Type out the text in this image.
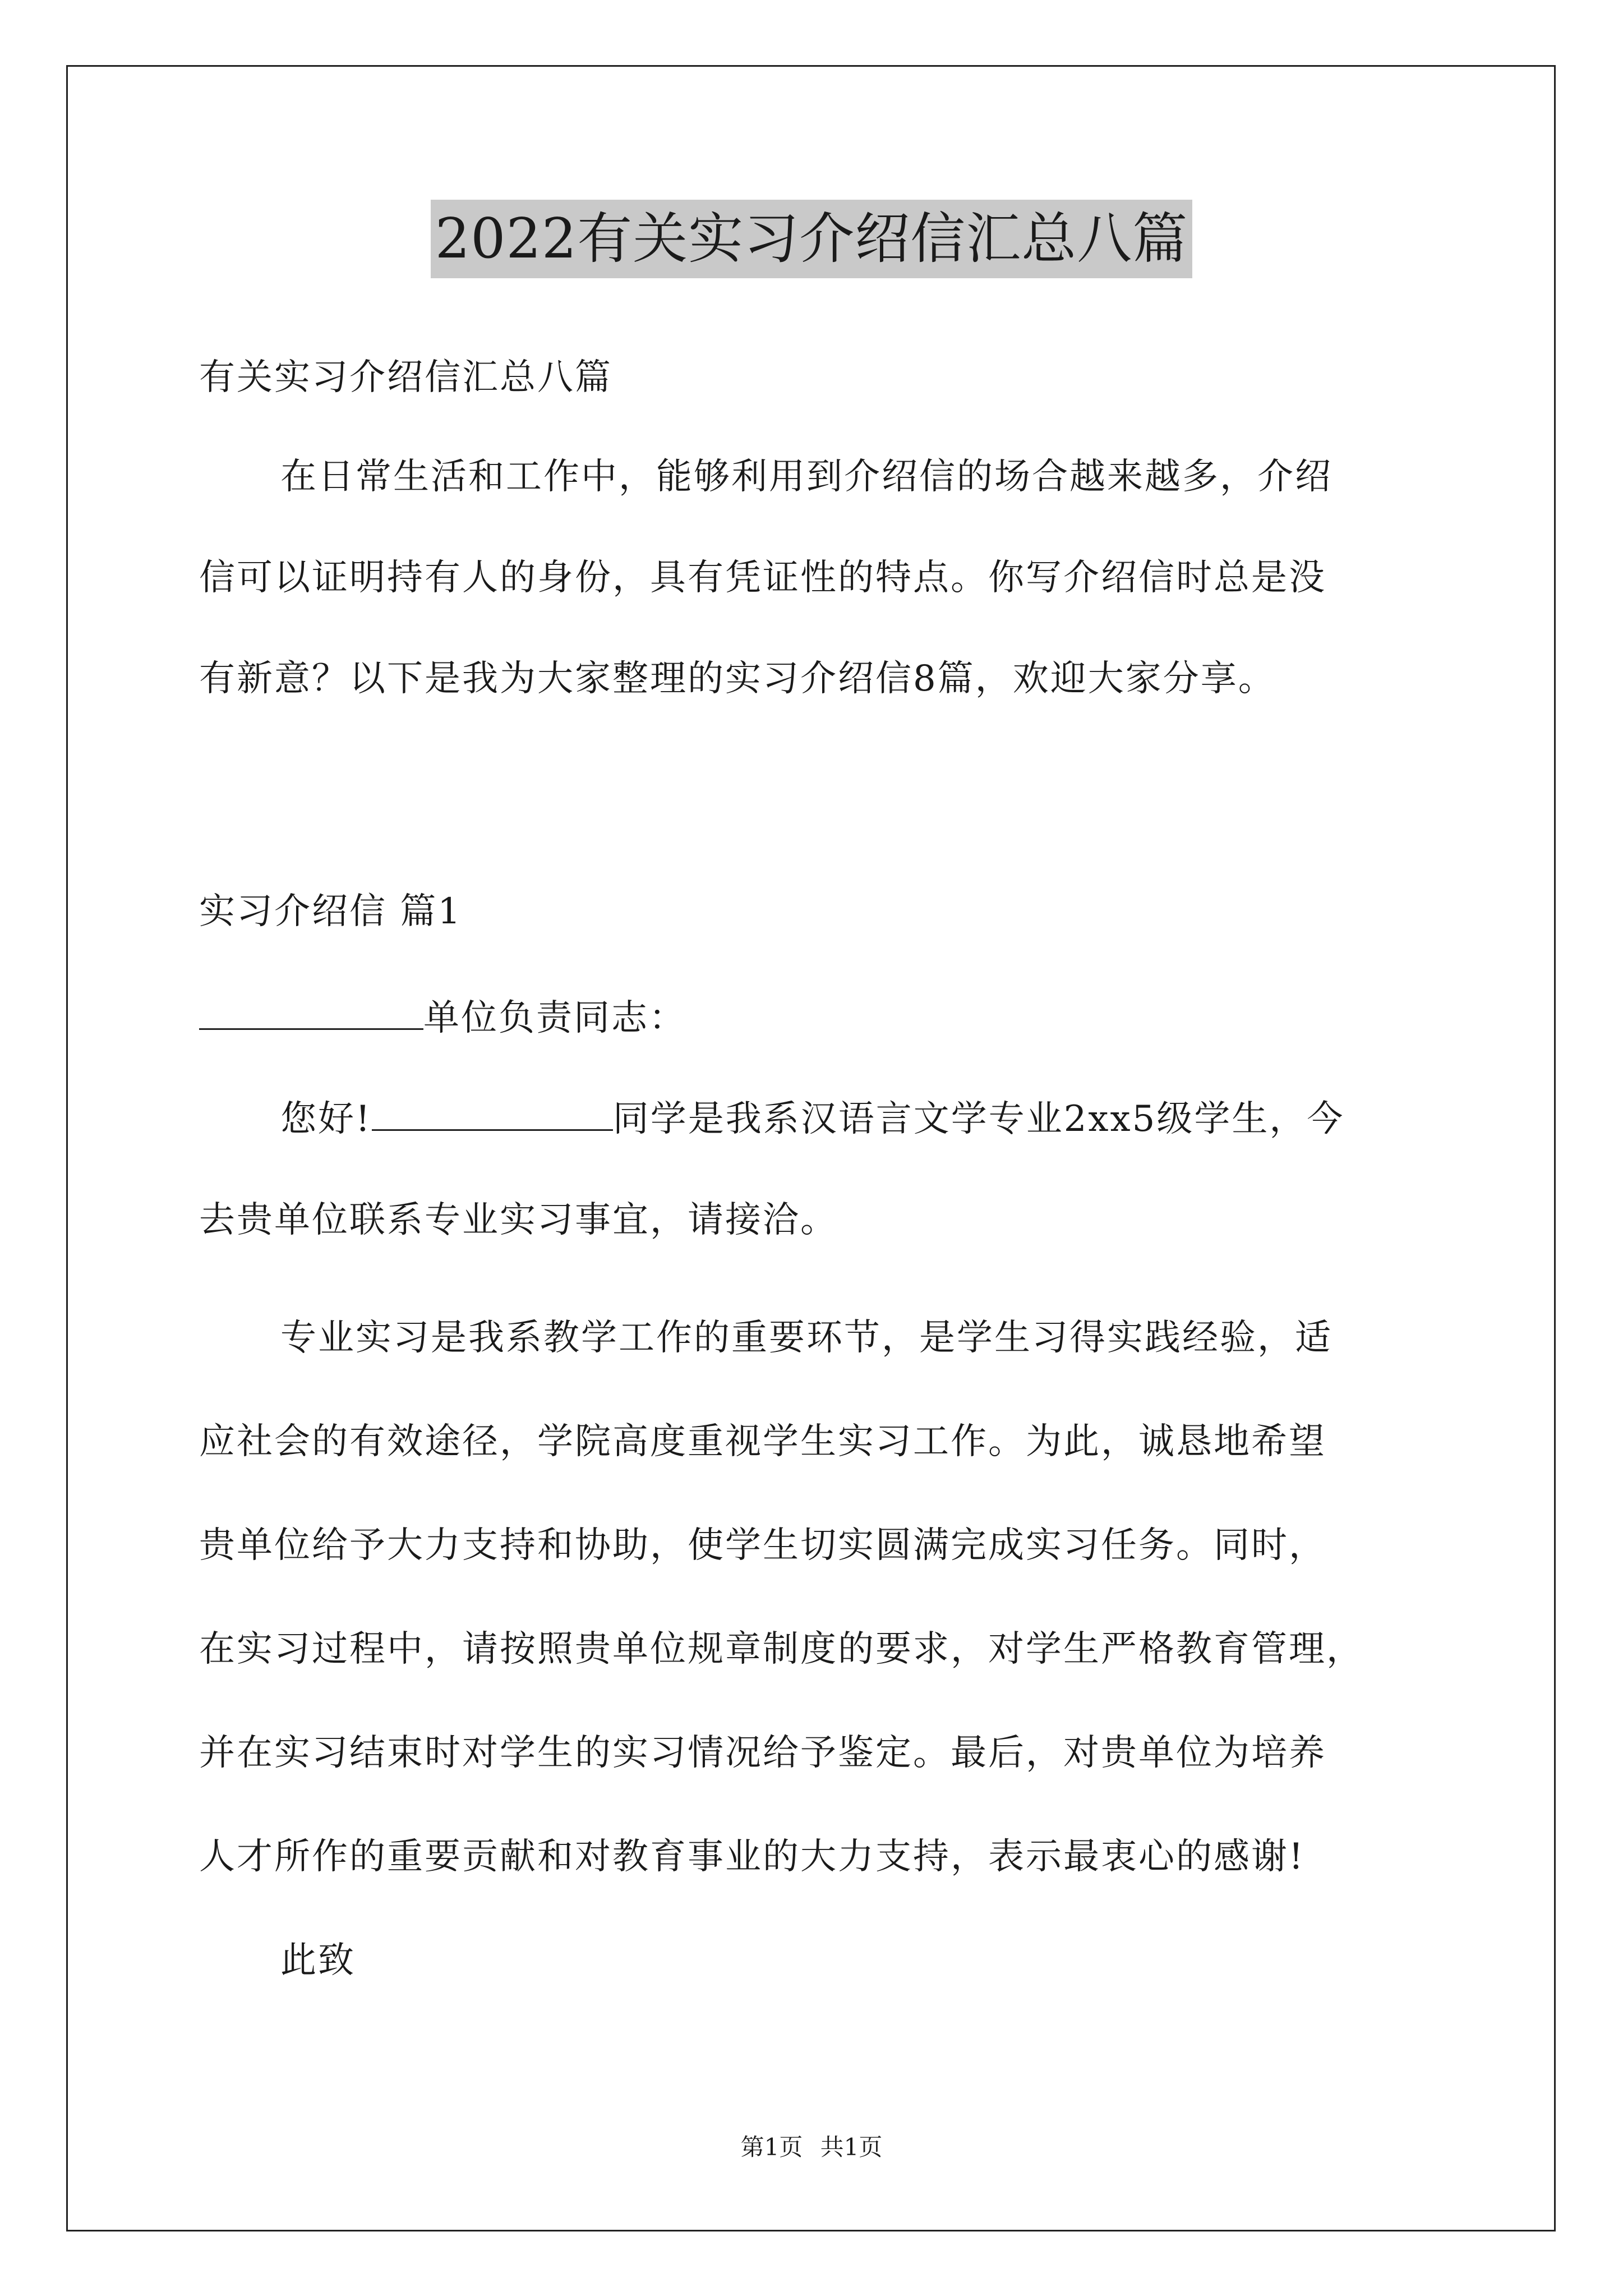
2022有关实习介绍信汇总八篇
有关实习介绍信汇总八篇
在日常生活和工作中，能够利用到介绍信的场合越来越多，介绍
信可以证明持有人的身份，具有凭证性的特点。你写介绍信时总是没
有新意？以下是我为大家整理的实习介绍信8篇，欢迎大家分享。
实习介绍信 篇1
单位负责同志：
您好!	同学是我系汉语言文学专业2xx5级学生，今
去贵单位联系专业实习事宜，请接洽。
专业实习是我系教学工作的重要环节，是学生习得实践经验，适
应社会的有效途径，学院高度重视学生实习工作。为此，诚恳地希望
贵单位给予大力支持和协助，使学生切实圆满完成实习任务。同时，
在实习过程中，请按照贵单位规章制度的要求，对学生严格教育管理，
并在实习结束时对学生的实习情况给予鉴定。最后，对贵单位为培养
人才所作的重要贡献和对教育事业的大力支持，表示最衷心的感谢!
此致
第1页 共1页
